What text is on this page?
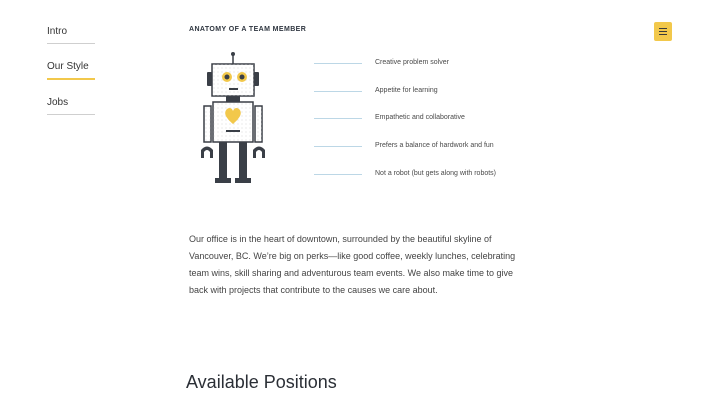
Intro
Our Style
Jobs
ANATOMY OF A TEAM MEMBER
Creative problem solver
Appetite for learning
Empathetic and collaborative
Prefers a balance of hardwork and fun
Not a robot (but gets along with robots)

Our office is in the heart of downtown, surrounded by the beautiful skyline of Vancouver, BC. We’re big on perks—like good coffee, weekly lunches, celebrating team wins, skill sharing and adventurous team events. We also make time to give back with projects that contribute to the causes we care about.

Available Positions
